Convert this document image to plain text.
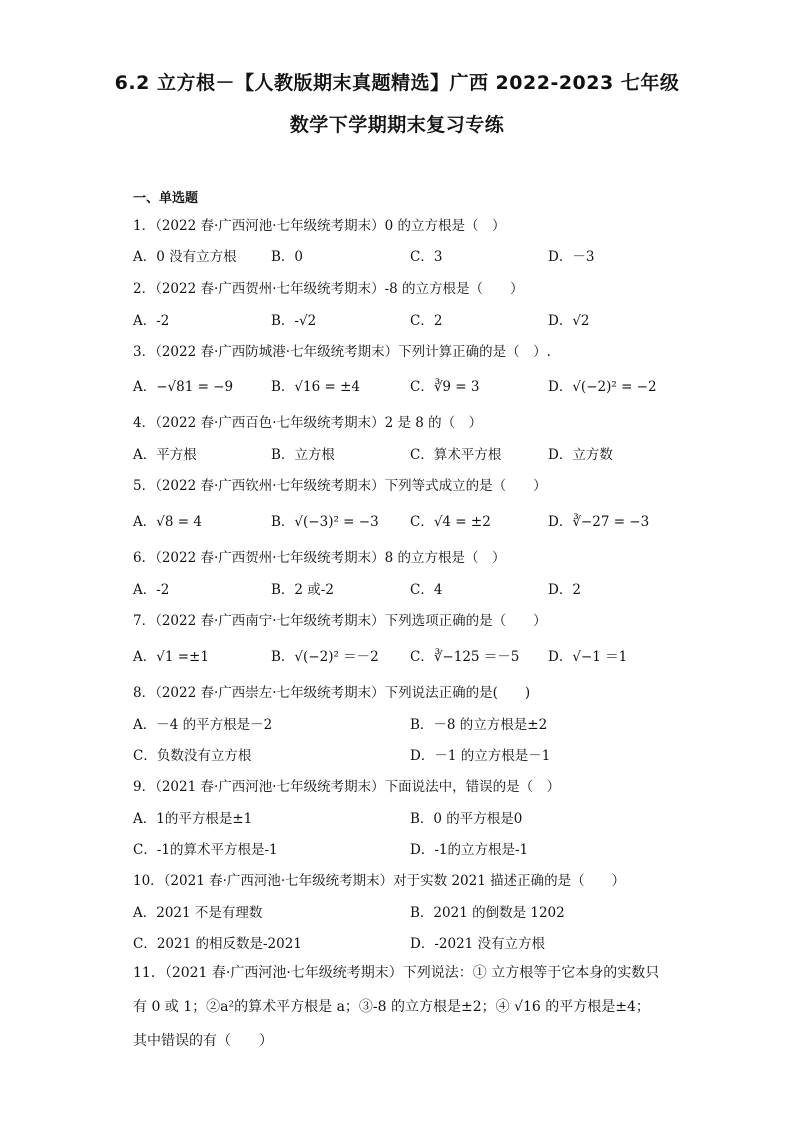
6.2 立方根－【人教版期末真题精选】广西 2022-2023 七年级
数学下学期期末复习专练
一、单选题
1．（2022 春·广西河池·七年级统考期末）0 的立方根是（　）
A．0 没有立方根	B．0	C．3	D．－3
2．（2022 春·广西贺州·七年级统考期末）-8 的立方根是（　　）
A．-2	B．-√2	C．2	D．√2
3．（2022 春·广西防城港·七年级统考期末）下列计算正确的是（　）.
A．−√81 = −9	B．√16 = ±4	C．∛9 = 3	D．√(−2)² = −2
4．（2022 春·广西百色·七年级统考期末）2 是 8 的（　）
A．平方根	B．立方根	C．算术平方根	D．立方数
5．（2022 春·广西钦州·七年级统考期末）下列等式成立的是（　　）
A．√8 = 4	B．√(−3)² = −3 C．√4 = ±2	D．∛−27 = −3
6．（2022 春·广西贺州·七年级统考期末）8 的立方根是（　）
A．-2	B．2 或-2	C．4	D．2
7．（2022 春·广西南宁·七年级统考期末）下列选项正确的是（　　）
A．√1 =±1	B．√(−2)² ＝－2 C．∛−125 ＝－5 D．√−1 ＝1
8．（2022 春·广西崇左·七年级统考期末）下列说法正确的是(　　)
A．－4 的平方根是－2	B．－8 的立方根是±2
C．负数没有立方根	D．－1 的立方根是－1
9．（2021 春·广西河池·七年级统考期末）下面说法中，错误的是（　）
A．1的平方根是±1	B．0 的平方根是0
C．-1的算术平方根是-1	D．-1的立方根是-1
10．（2021 春·广西河池·七年级统考期末）对于实数 2021 描述正确的是（　　）
A．2021 不是有理数	B．2021 的倒数是 1202
C．2021 的相反数是-2021	D．-2021 没有立方根
11．（2021 春·广西河池·七年级统考期末）下列说法：① 立方根等于它本身的实数只有 0 或 1；②a²的算术平方根是 a；③-8 的立方根是±2；④ √16 的平方根是±4；其中错误的有（　　）
